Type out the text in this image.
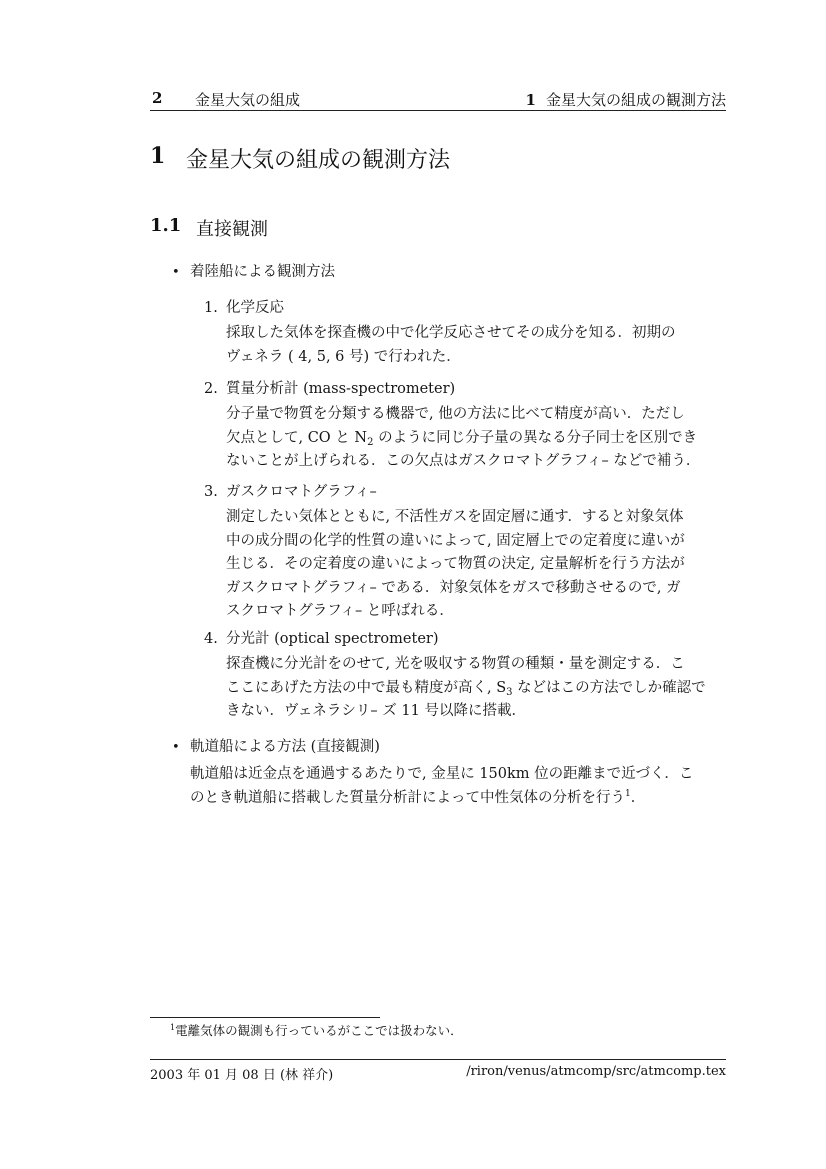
2 金星大気の組成	1 金星大気の組成の観測方法
1 金星大気の組成の観測方法
1.1 直接観測
• 着陸船による観測方法
1. 化学反応
採取した気体を探査機の中で化学反応させてその成分を知る．初期の
ヴェネラ ( 4, 5, 6 号) で行われた．
2. 質量分析計 (mass-spectrometer)
分子量で物質を分類する機器で, 他の方法に比べて精度が高い．ただし
欠点として, CO と $N_2$ のように同じ分子量の異なる分子同士を区別でき
ないことが上げられる．この欠点はガスクロマトグラフィ– などで補う．
3. ガスクロマトグラフィ–
測定したい気体とともに, 不活性ガスを固定層に通す．すると対象気体
中の成分間の化学的性質の違いによって, 固定層上での定着度に違いが
生じる．その定着度の違いによって物質の決定, 定量解析を行う方法が
ガスクロマトグラフィ– である．対象気体をガスで移動させるので, ガ
スクロマトグラフィ– と呼ばれる．
4. 分光計 (optical spectrometer)
探査機に分光計をのせて, 光を吸収する物質の種類・量を測定する．こ
ここにあげた方法の中で最も精度が高く, $S_3$ などはこの方法でしか確認で
きない．ヴェネラシリ– ズ 11 号以降に搭載．
• 軌道船による方法 (直接観測)
軌道船は近金点を通過するあたりで, 金星に 150km 位の距離まで近づく．こ
のとき軌道船に搭載した質量分析計によって中性気体の分析を行う$^1$．
$^1$電離気体の観測も行っているがここでは扱わない．
2003 年 01 月 08 日 (林 祥介)	/riron/venus/atmcomp/src/atmcomp.tex
